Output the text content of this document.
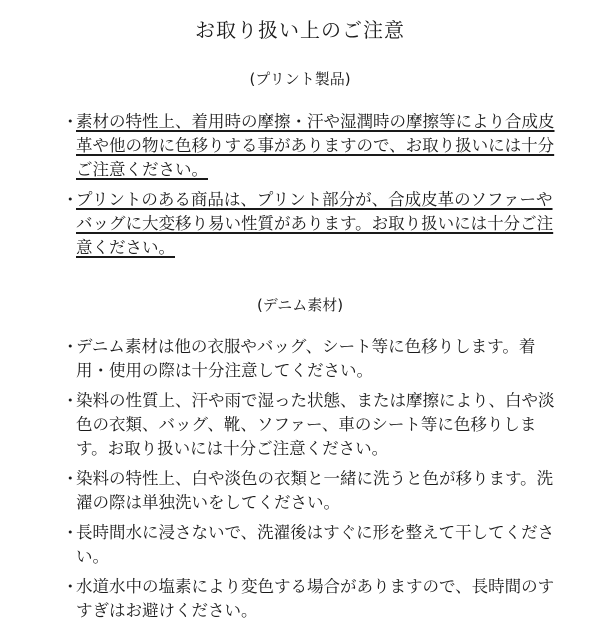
お取り扱い上のご注意
(プリント製品)
・
素材の特性上、着用時の摩擦・汗や湿潤時の摩擦等により合成皮革や他の物に色移りする事がありますので、お取り扱いには十分ご注意ください。
・
プリントのある商品は、プリント部分が、合成皮革のソファーやバッグに大変移り易い性質があります。お取り扱いには十分ご注意ください。
(デニム素材)
・
デニム素材は他の衣服やバッグ、シート等に色移りします。着用・使用の際は十分注意してください。
・
染料の性質上、汗や雨で湿った状態、または摩擦により、白や淡色の衣類、バッグ、靴、ソファー、車のシート等に色移りします。お取り扱いには十分ご注意ください。
・
染料の特性上、白や淡色の衣類と一緒に洗うと色が移ります。洗濯の際は単独洗いをしてください。
・
長時間水に浸さないで、洗濯後はすぐに形を整えて干してください。
・
水道水中の塩素により変色する場合がありますので、長時間のすすぎはお避けください。
